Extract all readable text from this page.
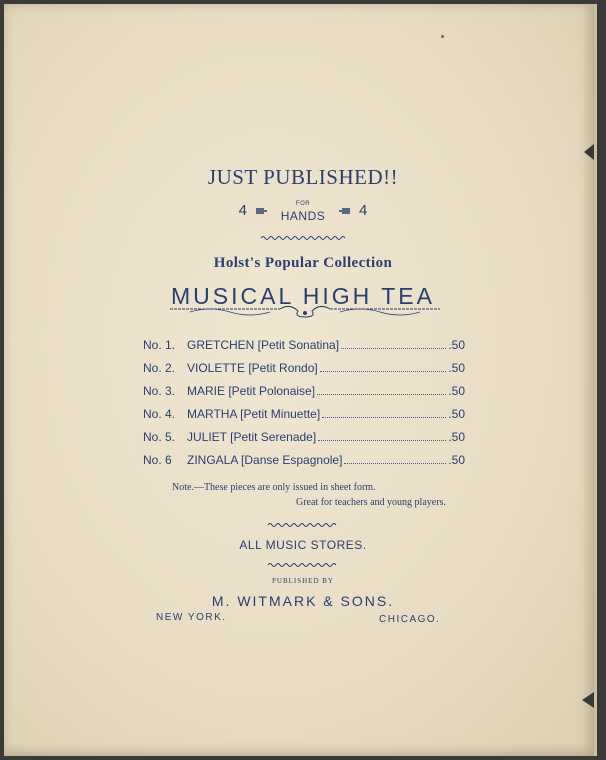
JUST PUBLISHED!!
4	FOR
HANDS 4
Holst's Popular Collection
MUSICAL HIGH TEA
No. 1. GRETCHEN [Petit Sonatina]	.50
No. 2. VIOLETTE [Petit Rondo]	.50
No. 3. MARIE [Petit Polonaise]	.50
No. 4. MARTHA [Petit Minuette]	.50
No. 5. JULIET [Petit Serenade]	.50
No. 6	ZINGALA [Danse Espagnole]	.50
Note.—These pieces are only issued in sheet form.
Great for teachers and young players.
ALL MUSIC STORES.
PUBLISHED BY
M. WITMARK & SONS.
NEW YORK.	CHICAGO.
